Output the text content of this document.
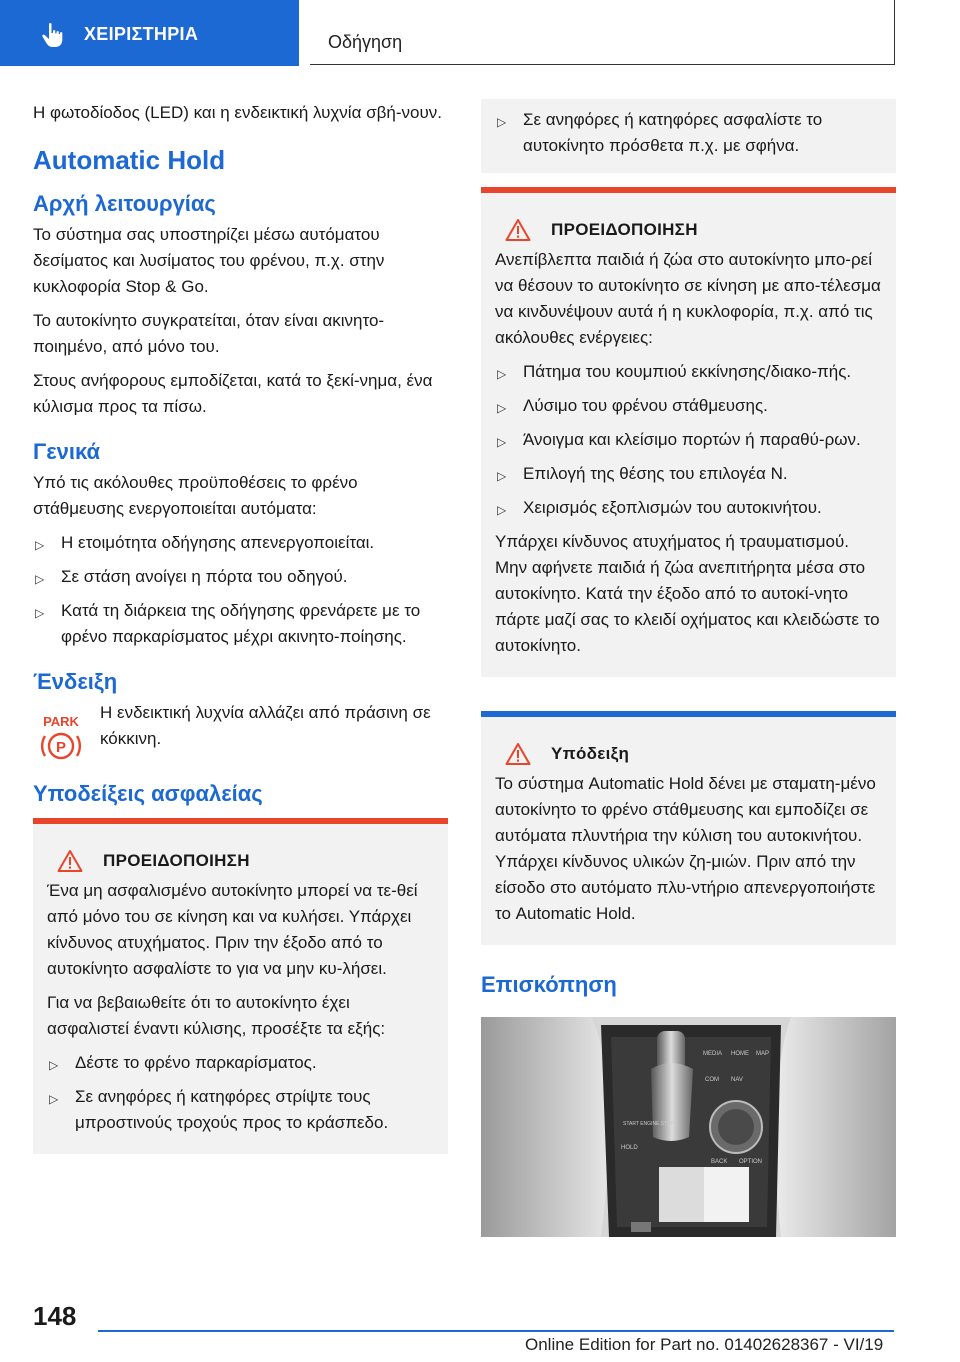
ΧΕΙΡΙΣΤΗΡΙΑ	Οδήγηση

Η φωτοδίοδος (LED) και η ενδεικτική λυχνία σβή-νουν.

Automatic Hold
Αρχή λειτουργίας

Το σύστημα σας υποστηρίζει μέσω αυτόματου δεσίματος και λυσίματος του φρένου, π.χ. στην κυκλοφορία Stop & Go.

Το αυτοκίνητο συγκρατείται, όταν είναι ακινητο-ποιημένο, από μόνο του.

Στους ανήφορους εμποδίζεται, κατά το ξεκί-νημα, ένα κύλισμα προς τα πίσω.

Γενικά

Υπό τις ακόλουθες προϋποθέσεις το φρένο στάθμευσης ενεργοποιείται αυτόματα:

▷ Η ετοιμότητα οδήγησης απενεργοποιείται.
▷ Σε στάση ανοίγει η πόρτα του οδηγού.
▷ Κατά τη διάρκεια της οδήγησης φρενάρετε με το φρένο παρκαρίσματος μέχρι ακινητο-ποίησης.
Ένδειξη
PARK
P
Η ενδεικτική λυχνία αλλάζει από πράσινη σε κόκκινη.
Υποδείξεις ασφαλείας
ΠΡΟΕΙΔΟΠΟΙΗΣΗ

Ένα μη ασφαλισμένο αυτοκίνητο μπορεί να τε-θεί από μόνο του σε κίνηση και να κυλήσει. Υπάρχει κίνδυνος ατυχήματος. Πριν την έξοδο από το αυτοκίνητο ασφαλίστε το για να μην κυ-λήσει.

Για να βεβαιωθείτε ότι το αυτοκίνητο έχει ασφαλιστεί έναντι κύλισης, προσέξτε τα εξής:

▷ Δέστε το φρένο παρκαρίσματος.
▷ Σε ανηφόρες ή κατηφόρες στρίψτε τους μπροστινούς τροχούς προς το κράσπεδο.
▷ Σε ανηφόρες ή κατηφόρες ασφαλίστε το αυτοκίνητο πρόσθετα π.χ. με σφήνα.
ΠΡΟΕΙΔΟΠΟΙΗΣΗ

Ανεπίβλεπτα παιδιά ή ζώα στο αυτοκίνητο μπο-ρεί να θέσουν το αυτοκίνητο σε κίνηση με απο-τέλεσμα να κινδυνέψουν αυτά ή η κυκλοφορία, π.χ. από τις ακόλουθες ενέργειες:

▷ Πάτημα του κουμπιού εκκίνησης/διακο-πής.
▷ Λύσιμο του φρένου στάθμευσης.
▷ Άνοιγμα και κλείσιμο πορτών ή παραθύ-ρων.
▷ Επιλογή της θέσης του επιλογέα N.
▷ Χειρισμός εξοπλισμών του αυτοκινήτου.

Υπάρχει κίνδυνος ατυχήματος ή τραυματισμού. Μην αφήνετε παιδιά ή ζώα ανεπιτήρητα μέσα στο αυτοκίνητο. Κατά την έξοδο από το αυτοκί-νητο πάρτε μαζί σας το κλειδί οχήματος και κλειδώστε το αυτοκίνητο.

Υπόδειξη

Το σύστημα Automatic Hold δένει με σταματη-μένο αυτοκίνητο το φρένο στάθμευσης και εμποδίζει σε αυτόματα πλυντήρια την κύλιση του αυτοκινήτου. Υπάρχει κίνδυνος υλικών ζη-μιών. Πριν από την είσοδο στο αυτόματο πλυ-ντήριο απενεργοποιήστε το Automatic Hold.

Επισκόπηση
MEDIA HOME MAP
COM NAV
START ENGINE STOP
BACK OPTION
HOLD
148
Online Edition for Part no. 01402628367 - VI/19
